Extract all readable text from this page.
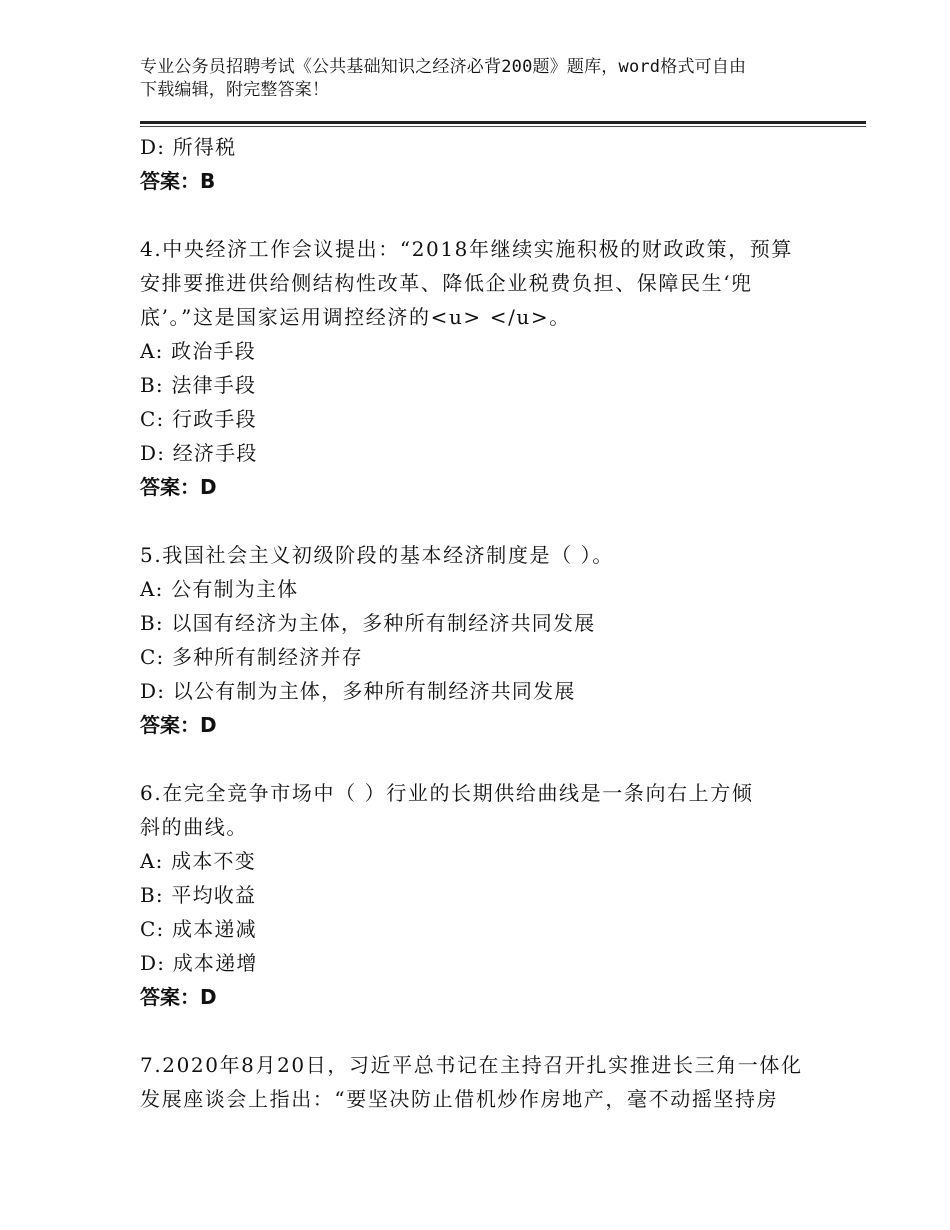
专业公务员招聘考试《公共基础知识之经济必背200题》题库，word格式可自由
下载编辑，附完整答案！
D: 所得税
答案：B
4.中央经济工作会议提出：“2018年继续实施积极的财政政策，预算
安排要推进供给侧结构性改革、降低企业税费负担、保障民生‘兜
底’。”这是国家运用调控经济的<u> </u>。
A: 政治手段
B: 法律手段
C: 行政手段
D: 经济手段
答案：D
5.我国社会主义初级阶段的基本经济制度是（ ）。
A: 公有制为主体
B: 以国有经济为主体，多种所有制经济共同发展
C: 多种所有制经济并存
D: 以公有制为主体，多种所有制经济共同发展
答案：D
6.在完全竞争市场中（ ）行业的长期供给曲线是一条向右上方倾
斜的曲线。
A: 成本不变
B: 平均收益
C: 成本递减
D: 成本递增
答案：D
7.2020年8月20日，习近平总书记在主持召开扎实推进长三角一体化
发展座谈会上指出：“要坚决防止借机炒作房地产，毫不动摇坚持房
